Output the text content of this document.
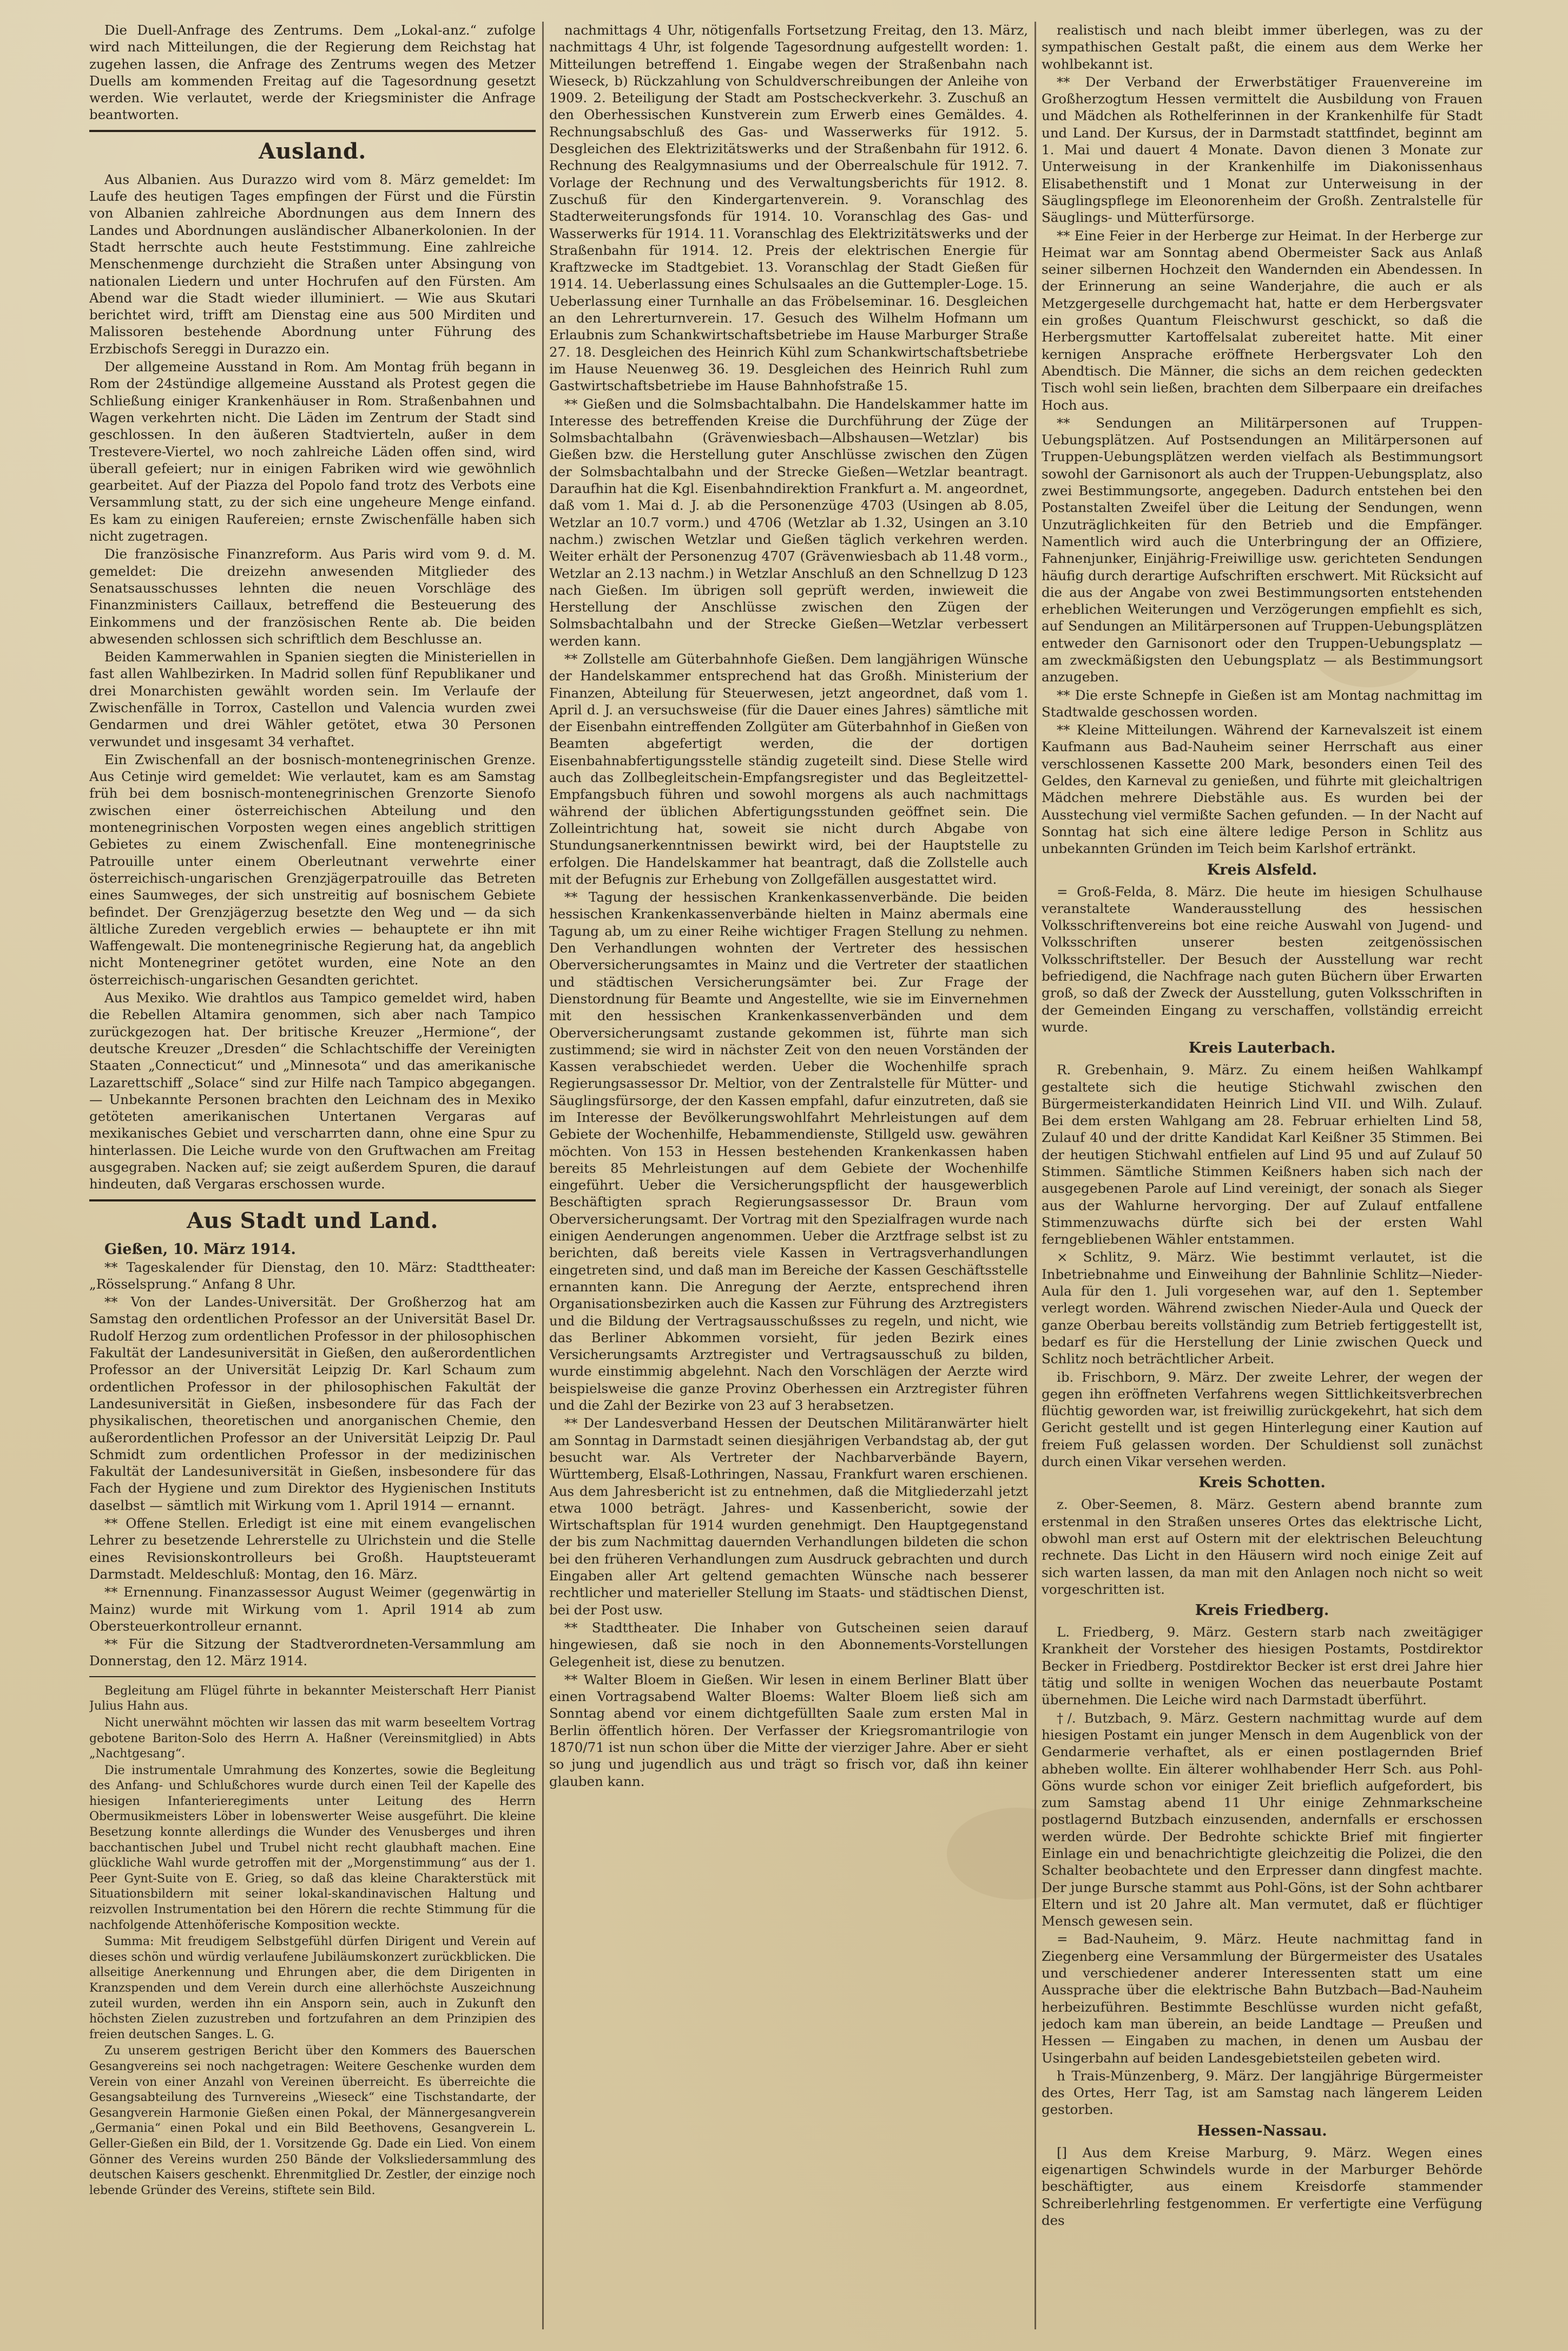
Die Duell-Anfrage des Zentrums. Dem „Lokal-anz.“ zufolge wird nach Mitteilungen, die der Regierung dem Reichstag hat zugehen lassen, die Anfrage des Zentrums wegen des Metzer Duells am kommenden Freitag auf die Tagesordnung gesetzt werden. Wie verlautet, werde der Kriegsminister die Anfrage beantworten.

Ausland.

Aus Albanien. Aus Durazzo wird vom 8. März gemeldet: Im Laufe des heutigen Tages empfingen der Fürst und die Fürstin von Albanien zahlreiche Abordnungen aus dem Innern des Landes und Abordnungen ausländischer Albanerkolonien. In der Stadt herrschte auch heute Feststimmung. Eine zahlreiche Menschenmenge durchzieht die Straßen unter Absingung von nationalen Liedern und unter Hochrufen auf den Fürsten. Am Abend war die Stadt wieder illuminiert. — Wie aus Skutari berichtet wird, trifft am Dienstag eine aus 500 Mirditen und Malissoren bestehende Abordnung unter Führung des Erzbischofs Sereggi in Durazzo ein.

Der allgemeine Ausstand in Rom. Am Montag früh begann in Rom der 24stündige allgemeine Ausstand als Protest gegen die Schließung einiger Krankenhäuser in Rom. Straßenbahnen und Wagen verkehrten nicht. Die Läden im Zentrum der Stadt sind geschlossen. In den äußeren Stadtvierteln, außer in dem Trestevere-Viertel, wo noch zahlreiche Läden offen sind, wird überall gefeiert; nur in einigen Fabriken wird wie gewöhnlich gearbeitet. Auf der Piazza del Popolo fand trotz des Verbots eine Versammlung statt, zu der sich eine ungeheure Menge einfand. Es kam zu einigen Raufereien; ernste Zwischenfälle haben sich nicht zugetragen.

Die französische Finanzreform. Aus Paris wird vom 9. d. M. gemeldet: Die dreizehn anwesenden Mitglieder des Senatsausschusses lehnten die neuen Vorschläge des Finanzministers Caillaux, betreffend die Besteuerung des Einkommens und der französischen Rente ab. Die beiden abwesenden schlossen sich schriftlich dem Beschlusse an.

Beiden Kammerwahlen in Spanien siegten die Ministeriellen in fast allen Wahlbezirken. In Madrid sollen fünf Republikaner und drei Monarchisten gewählt worden sein. Im Verlaufe der Zwischenfälle in Torrox, Castellon und Valencia wurden zwei Gendarmen und drei Wähler getötet, etwa 30 Personen verwundet und insgesamt 34 verhaftet.

Ein Zwischenfall an der bosnisch-montenegrinischen Grenze. Aus Cetinje wird gemeldet: Wie verlautet, kam es am Samstag früh bei dem bosnisch-montenegrinischen Grenzorte Sienofo zwischen einer österreichischen Abteilung und den montenegrinischen Vorposten wegen eines angeblich strittigen Gebietes zu einem Zwischenfall. Eine montenegrinische Patrouille unter einem Oberleutnant verwehrte einer österreichisch-ungarischen Grenzjägerpatrouille das Betreten eines Saumweges, der sich unstreitig auf bosnischem Gebiete befindet. Der Grenzjägerzug besetzte den Weg und — da sich ältliche Zureden vergeblich erwies — behauptete er ihn mit Waffengewalt. Die montenegrinische Regierung hat, da angeblich nicht Montenegriner getötet wurden, eine Note an den österreichisch-ungarischen Gesandten gerichtet.

Aus Mexiko. Wie drahtlos aus Tampico gemeldet wird, haben die Rebellen Altamira genommen, sich aber nach Tampico zurückgezogen hat. Der britische Kreuzer „Hermione“, der deutsche Kreuzer „Dresden“ die Schlachtschiffe der Vereinigten Staaten „Connecticut“ und „Minnesota“ und das amerikanische Lazarettschiff „Solace“ sind zur Hilfe nach Tampico abgegangen. — Unbekannte Personen brachten den Leichnam des in Mexiko getöteten amerikanischen Untertanen Vergaras auf mexikanisches Gebiet und verscharrten dann, ohne eine Spur zu hinterlassen. Die Leiche wurde von den Gruftwachen am Freitag ausgegraben. Nacken auf; sie zeigt außerdem Spuren, die darauf hindeuten, daß Vergaras erschossen wurde.

Aus Stadt und Land.

Gießen, 10. März 1914.

** Tageskalender für Dienstag, den 10. März: Stadttheater: „Rösselsprung.“ Anfang 8 Uhr.

** Von der Landes-Universität. Der Großherzog hat am Samstag den ordentlichen Professor an der Universität Basel Dr. Rudolf Herzog zum ordentlichen Professor in der philosophischen Fakultät der Landesuniversität in Gießen, den außerordentlichen Professor an der Universität Leipzig Dr. Karl Schaum zum ordentlichen Professor in der philosophischen Fakultät der Landesuniversität in Gießen, insbesondere für das Fach der physikalischen, theoretischen und anorganischen Chemie, den außerordentlichen Professor an der Universität Leipzig Dr. Paul Schmidt zum ordentlichen Professor in der medizinischen Fakultät der Landesuniversität in Gießen, insbesondere für das Fach der Hygiene und zum Direktor des Hygienischen Instituts daselbst — sämtlich mit Wirkung vom 1. April 1914 — ernannt.

** Offene Stellen. Erledigt ist eine mit einem evangelischen Lehrer zu besetzende Lehrerstelle zu Ulrichstein und die Stelle eines Revisionskontrolleurs bei Großh. Hauptsteueramt Darmstadt. Meldeschluß: Montag, den 16. März.

** Ernennung. Finanzassessor August Weimer (gegenwärtig in Mainz) wurde mit Wirkung vom 1. April 1914 ab zum Obersteuerkontrolleur ernannt.

** Für die Sitzung der Stadtverordneten-Versammlung am Donnerstag, den 12. März 1914.

Begleitung am Flügel führte in bekannter Meisterschaft Herr Pianist Julius Hahn aus.

Nicht unerwähnt möchten wir lassen das mit warm beseeltem Vortrag gebotene Bariton-Solo des Herrn A. Haßner (Vereinsmitglied) in Abts „Nachtgesang“.

Die instrumentale Umrahmung des Konzertes, sowie die Begleitung des Anfang- und Schlußchores wurde durch einen Teil der Kapelle des hiesigen Infanterieregiments unter Leitung des Herrn Obermusikmeisters Löber in lobenswerter Weise ausgeführt. Die kleine Besetzung konnte allerdings die Wunder des Venusberges und ihren bacchantischen Jubel und Trubel nicht recht glaubhaft machen. Eine glückliche Wahl wurde getroffen mit der „Morgenstimmung“ aus der 1. Peer Gynt-Suite von E. Grieg, so daß das kleine Charakterstück mit Situationsbildern mit seiner lokal-skandinavischen Haltung und reizvollen Instrumentation bei den Hörern die rechte Stimmung für die nachfolgende Attenhöferische Komposition weckte.

Summa: Mit freudigem Selbstgefühl dürfen Dirigent und Verein auf dieses schön und würdig verlaufene Jubiläumskonzert zurückblicken. Die allseitige Anerkennung und Ehrungen aber, die dem Dirigenten in Kranzspenden und dem Verein durch eine allerhöchste Auszeichnung zuteil wurden, werden ihn ein Ansporn sein, auch in Zukunft den höchsten Zielen zuzustreben und fortzufahren an dem Prinzipien des freien deutschen Sanges. L. G.

Zu unserem gestrigen Bericht über den Kommers des Bauerschen Gesangvereins sei noch nachgetragen: Weitere Geschenke wurden dem Verein von einer Anzahl von Vereinen überreicht. Es überreichte die Gesangsabteilung des Turnvereins „Wieseck“ eine Tischstandarte, der Gesangverein Harmonie Gießen einen Pokal, der Männergesangverein „Germania“ einen Pokal und ein Bild Beethovens, Gesangverein L. Geller-Gießen ein Bild, der 1. Vorsitzende Gg. Dade ein Lied. Von einem Gönner des Vereins wurden 250 Bände der Volksliedersammlung des deutschen Kaisers geschenkt. Ehrenmitglied Dr. Zestler, der einzige noch lebende Gründer des Vereins, stiftete sein Bild.

nachmittags 4 Uhr, nötigenfalls Fortsetzung Freitag, den 13. März, nachmittags 4 Uhr, ist folgende Tagesordnung aufgestellt worden: 1. Mitteilungen betreffend 1. Eingabe wegen der Straßenbahn nach Wieseck, b) Rückzahlung von Schuldverschreibungen der Anleihe von 1909. 2. Beteiligung der Stadt am Postscheckverkehr. 3. Zuschuß an den Oberhessischen Kunstverein zum Erwerb eines Gemäldes. 4. Rechnungsabschluß des Gas- und Wasserwerks für 1912. 5. Desgleichen des Elektrizitätswerks und der Straßenbahn für 1912. 6. Rechnung des Realgymnasiums und der Oberrealschule für 1912. 7. Vorlage der Rechnung und des Verwaltungsberichts für 1912. 8. Zuschuß für den Kindergartenverein. 9. Voranschlag des Stadterweiterungsfonds für 1914. 10. Voranschlag des Gas- und Wasserwerks für 1914. 11. Voranschlag des Elektrizitätswerks und der Straßenbahn für 1914. 12. Preis der elektrischen Energie für Kraftzwecke im Stadtgebiet. 13. Voranschlag der Stadt Gießen für 1914. 14. Ueberlassung eines Schulsaales an die Guttempler-Loge. 15. Ueberlassung einer Turnhalle an das Fröbelseminar. 16. Desgleichen an den Lehrerturnverein. 17. Gesuch des Wilhelm Hofmann um Erlaubnis zum Schankwirtschaftsbetriebe im Hause Marburger Straße 27. 18. Desgleichen des Heinrich Kühl zum Schankwirtschaftsbetriebe im Hause Neuenweg 36. 19. Desgleichen des Heinrich Ruhl zum Gastwirtschaftsbetriebe im Hause Bahnhofstraße 15.

** Gießen und die Solmsbachtalbahn. Die Handelskammer hatte im Interesse des betreffenden Kreise die Durchführung der Züge der Solmsbachtalbahn (Grävenwiesbach—Albshausen—Wetzlar) bis Gießen bzw. die Herstellung guter Anschlüsse zwischen den Zügen der Solmsbachtalbahn und der Strecke Gießen—Wetzlar beantragt. Daraufhin hat die Kgl. Eisenbahndirektion Frankfurt a. M. angeordnet, daß vom 1. Mai d. J. ab die Personenzüge 4703 (Usingen ab 8.05, Wetzlar an 10.7 vorm.) und 4706 (Wetzlar ab 1.32, Usingen an 3.10 nachm.) zwischen Wetzlar und Gießen täglich verkehren werden. Weiter erhält der Personenzug 4707 (Grävenwiesbach ab 11.48 vorm., Wetzlar an 2.13 nachm.) in Wetzlar Anschluß an den Schnellzug D 123 nach Gießen. Im übrigen soll geprüft werden, inwieweit die Herstellung der Anschlüsse zwischen den Zügen der Solmsbachtalbahn und der Strecke Gießen—Wetzlar verbessert werden kann.

** Zollstelle am Güterbahnhofe Gießen. Dem langjährigen Wünsche der Handelskammer entsprechend hat das Großh. Ministerium der Finanzen, Abteilung für Steuerwesen, jetzt angeordnet, daß vom 1. April d. J. an versuchsweise (für die Dauer eines Jahres) sämtliche mit der Eisenbahn eintreffenden Zollgüter am Güterbahnhof in Gießen von Beamten abgefertigt werden, die der dortigen Eisenbahnabfertigungsstelle ständig zugeteilt sind. Diese Stelle wird auch das Zollbegleitschein-Empfangsregister und das Begleitzettel-Empfangsbuch führen und sowohl morgens als auch nachmittags während der üblichen Abfertigungsstunden geöffnet sein. Die Zolleintrichtung hat, soweit sie nicht durch Abgabe von Stundungsanerkenntnissen bewirkt wird, bei der Hauptstelle zu erfolgen. Die Handelskammer hat beantragt, daß die Zollstelle auch mit der Befugnis zur Erhebung von Zollgefällen ausgestattet wird.

** Tagung der hessischen Krankenkassenverbände. Die beiden hessischen Krankenkassenverbände hielten in Mainz abermals eine Tagung ab, um zu einer Reihe wichtiger Fragen Stellung zu nehmen. Den Verhandlungen wohnten der Vertreter des hessischen Oberversicherungsamtes in Mainz und die Vertreter der staatlichen und städtischen Versicherungsämter bei. Zur Frage der Dienstordnung für Beamte und Angestellte, wie sie im Einvernehmen mit den hessischen Krankenkassenverbänden und dem Oberversicherungsamt zustande gekommen ist, führte man sich zustimmend; sie wird in nächster Zeit von den neuen Vorständen der Kassen verabschiedet werden. Ueber die Wochenhilfe sprach Regierungsassessor Dr. Meltior, von der Zentralstelle für Mütter- und Säuglingsfürsorge, der den Kassen empfahl, dafur einzutreten, daß sie im Interesse der Bevölkerungswohlfahrt Mehrleistungen auf dem Gebiete der Wochenhilfe, Hebammendienste, Stillgeld usw. gewähren möchten. Von 153 in Hessen bestehenden Krankenkassen haben bereits 85 Mehrleistungen auf dem Gebiete der Wochenhilfe eingeführt. Ueber die Versicherungspflicht der hausgewerblich Beschäftigten sprach Regierungsassessor Dr. Braun vom Oberversicherungsamt. Der Vortrag mit den Spezialfragen wurde nach einigen Aenderungen angenommen. Ueber die Arztfrage selbst ist zu berichten, daß bereits viele Kassen in Vertragsverhandlungen eingetreten sind, und daß man im Bereiche der Kassen Geschäftsstelle ernannten kann. Die Anregung der Aerzte, entsprechend ihren Organisationsbezirken auch die Kassen zur Führung des Arztregisters und die Bildung der Vertragsausschußsses zu regeln, und nicht, wie das Berliner Abkommen vorsieht, für jeden Bezirk eines Versicherungsamts Arztregister und Vertragsausschuß zu bilden, wurde einstimmig abgelehnt. Nach den Vorschlägen der Aerzte wird beispielsweise die ganze Provinz Oberhessen ein Arztregister führen und die Zahl der Bezirke von 23 auf 3 herabsetzen.

** Der Landesverband Hessen der Deutschen Militäranwärter hielt am Sonntag in Darmstadt seinen diesjährigen Verbandstag ab, der gut besucht war. Als Vertreter der Nachbarverbände Bayern, Württemberg, Elsaß-Lothringen, Nassau, Frankfurt waren erschienen. Aus dem Jahresbericht ist zu entnehmen, daß die Mitgliederzahl jetzt etwa 1000 beträgt. Jahres- und Kassenbericht, sowie der Wirtschaftsplan für 1914 wurden genehmigt. Den Hauptgegenstand der bis zum Nachmittag dauernden Verhandlungen bildeten die schon bei den früheren Verhandlungen zum Ausdruck gebrachten und durch Eingaben aller Art geltend gemachten Wünsche nach besserer rechtlicher und materieller Stellung im Staats- und städtischen Dienst, bei der Post usw.

** Stadttheater. Die Inhaber von Gutscheinen seien darauf hingewiesen, daß sie noch in den Abonnements-Vorstellungen Gelegenheit ist, diese zu benutzen.

** Walter Bloem in Gießen. Wir lesen in einem Berliner Blatt über einen Vortragsabend Walter Bloems: Walter Bloem ließ sich am Sonntag abend vor einem dichtgefüllten Saale zum ersten Mal in Berlin öffentlich hören. Der Verfasser der Kriegsromantrilogie von 1870/71 ist nun schon über die Mitte der vierziger Jahre. Aber er sieht so jung und jugendlich aus und trägt so frisch vor, daß ihn keiner glauben kann.

realistisch und nach bleibt immer überlegen, was zu der sympathischen Gestalt paßt, die einem aus dem Werke her wohlbekannt ist.

** Der Verband der Erwerbstätiger Frauenvereine im Großherzogtum Hessen vermittelt die Ausbildung von Frauen und Mädchen als Rothelferinnen in der Krankenhilfe für Stadt und Land. Der Kursus, der in Darmstadt stattfindet, beginnt am 1. Mai und dauert 4 Monate. Davon dienen 3 Monate zur Unterweisung in der Krankenhilfe im Diakonissenhaus Elisabethenstift und 1 Monat zur Unterweisung in der Säuglingspflege im Eleonorenheim der Großh. Zentralstelle für Säuglings- und Mütterfürsorge.

** Eine Feier in der Herberge zur Heimat. In der Herberge zur Heimat war am Sonntag abend Obermeister Sack aus Anlaß seiner silbernen Hochzeit den Wandernden ein Abendessen. In der Erinnerung an seine Wanderjahre, die auch er als Metzgergeselle durchgemacht hat, hatte er dem Herbergsvater ein großes Quantum Fleischwurst geschickt, so daß die Herbergsmutter Kartoffelsalat zubereitet hatte. Mit einer kernigen Ansprache eröffnete Herbergsvater Loh den Abendtisch. Die Männer, die sichs an dem reichen gedeckten Tisch wohl sein ließen, brachten dem Silberpaare ein dreifaches Hoch aus.

** Sendungen an Militärpersonen auf Truppen-Uebungsplätzen. Auf Postsendungen an Militärpersonen auf Truppen-Uebungsplätzen werden vielfach als Bestimmungsort sowohl der Garnisonort als auch der Truppen-Uebungsplatz, also zwei Bestimmungsorte, angegeben. Dadurch entstehen bei den Postanstalten Zweifel über die Leitung der Sendungen, wenn Unzuträglichkeiten für den Betrieb und die Empfänger. Namentlich wird auch die Unterbringung der an Offiziere, Fahnenjunker, Einjährig-Freiwillige usw. gerichteten Sendungen häufig durch derartige Aufschriften erschwert. Mit Rücksicht auf die aus der Angabe von zwei Bestimmungsorten entstehenden erheblichen Weiterungen und Verzögerungen empfiehlt es sich, auf Sendungen an Militärpersonen auf Truppen-Uebungsplätzen entweder den Garnisonort oder den Truppen-Uebungsplatz — am zweckmäßigsten den Uebungsplatz — als Bestimmungsort anzugeben.

** Die erste Schnepfe in Gießen ist am Montag nachmittag im Stadtwalde geschossen worden.

** Kleine Mitteilungen. Während der Karnevalszeit ist einem Kaufmann aus Bad-Nauheim seiner Herrschaft aus einer verschlossenen Kassette 200 Mark, besonders einen Teil des Geldes, den Karneval zu genießen, und führte mit gleichaltrigen Mädchen mehrere Diebstähle aus. Es wurden bei der Ausstechung viel vermißte Sachen gefunden. — In der Nacht auf Sonntag hat sich eine ältere ledige Person in Schlitz aus unbekannten Gründen im Teich beim Karlshof ertränkt.

Kreis Alsfeld.

= Groß-Felda, 8. März. Die heute im hiesigen Schulhause veranstaltete Wanderausstellung des hessischen Volksschriftenvereins bot eine reiche Auswahl von Jugend- und Volksschriften unserer besten zeitgenössischen Volksschriftsteller. Der Besuch der Ausstellung war recht befriedigend, die Nachfrage nach guten Büchern über Erwarten groß, so daß der Zweck der Ausstellung, guten Volksschriften in der Gemeinden Eingang zu verschaffen, vollständig erreicht wurde.

Kreis Lauterbach.

R. Grebenhain, 9. März. Zu einem heißen Wahlkampf gestaltete sich die heutige Stichwahl zwischen den Bürgermeisterkandidaten Heinrich Lind VII. und Wilh. Zulauf. Bei dem ersten Wahlgang am 28. Februar erhielten Lind 58, Zulauf 40 und der dritte Kandidat Karl Keißner 35 Stimmen. Bei der heutigen Stichwahl entfielen auf Lind 95 und auf Zulauf 50 Stimmen. Sämtliche Stimmen Keißners haben sich nach der ausgegebenen Parole auf Lind vereinigt, der sonach als Sieger aus der Wahlurne hervorging. Der auf Zulauf entfallene Stimmenzuwachs dürfte sich bei der ersten Wahl ferngebliebenen Wähler entstammen.

× Schlitz, 9. März. Wie bestimmt verlautet, ist die Inbetriebnahme und Einweihung der Bahnlinie Schlitz—Nieder-Aula für den 1. Juli vorgesehen war, auf den 1. September verlegt worden. Während zwischen Nieder-Aula und Queck der ganze Oberbau bereits vollständig zum Betrieb fertiggestellt ist, bedarf es für die Herstellung der Linie zwischen Queck und Schlitz noch beträchtlicher Arbeit.

ib. Frischborn, 9. März. Der zweite Lehrer, der wegen der gegen ihn eröffneten Verfahrens wegen Sittlichkeitsverbrechen flüchtig geworden war, ist freiwillig zurückgekehrt, hat sich dem Gericht gestellt und ist gegen Hinterlegung einer Kaution auf freiem Fuß gelassen worden. Der Schuldienst soll zunächst durch einen Vikar versehen werden.

Kreis Schotten.

z. Ober-Seemen, 8. März. Gestern abend brannte zum erstenmal in den Straßen unseres Ortes das elektrische Licht, obwohl man erst auf Ostern mit der elektrischen Beleuchtung rechnete. Das Licht in den Häusern wird noch einige Zeit auf sich warten lassen, da man mit den Anlagen noch nicht so weit vorgeschritten ist.

Kreis Friedberg.

L. Friedberg, 9. März. Gestern starb nach zweitägiger Krankheit der Vorsteher des hiesigen Postamts, Postdirektor Becker in Friedberg. Postdirektor Becker ist erst drei Jahre hier tätig und sollte in wenigen Wochen das neuerbaute Postamt übernehmen. Die Leiche wird nach Darmstadt überführt.

†/. Butzbach, 9. März. Gestern nachmittag wurde auf dem hiesigen Postamt ein junger Mensch in dem Augenblick von der Gendarmerie verhaftet, als er einen postlagernden Brief abheben wollte. Ein älterer wohlhabender Herr Sch. aus Pohl-Göns wurde schon vor einiger Zeit brieflich aufgefordert, bis zum Samstag abend 11 Uhr einige Zehnmarkscheine postlagernd Butzbach einzusenden, andernfalls er erschossen werden würde. Der Bedrohte schickte Brief mit fingierter Einlage ein und benachrichtigte gleichzeitig die Polizei, die den Schalter beobachtete und den Erpresser dann dingfest machte. Der junge Bursche stammt aus Pohl-Göns, ist der Sohn achtbarer Eltern und ist 20 Jahre alt. Man vermutet, daß er flüchtiger Mensch gewesen sein.

= Bad-Nauheim, 9. März. Heute nachmittag fand in Ziegenberg eine Versammlung der Bürgermeister des Usatales und verschiedener anderer Interessenten statt um eine Aussprache über die elektrische Bahn Butzbach—Bad-Nauheim herbeizuführen. Bestimmte Beschlüsse wurden nicht gefaßt, jedoch kam man überein, an beide Landtage — Preußen und Hessen — Eingaben zu machen, in denen um Ausbau der Usingerbahn auf beiden Landesgebietsteilen gebeten wird.

h Trais-Münzenberg, 9. März. Der langjährige Bürgermeister des Ortes, Herr Tag, ist am Samstag nach längerem Leiden gestorben.

Hessen-Nassau.

[] Aus dem Kreise Marburg, 9. März. Wegen eines eigenartigen Schwindels wurde in der Marburger Behörde beschäftigter, aus einem Kreisdorfe stammender Schreiberlehrling festgenommen. Er verfertigte eine Verfügung des
